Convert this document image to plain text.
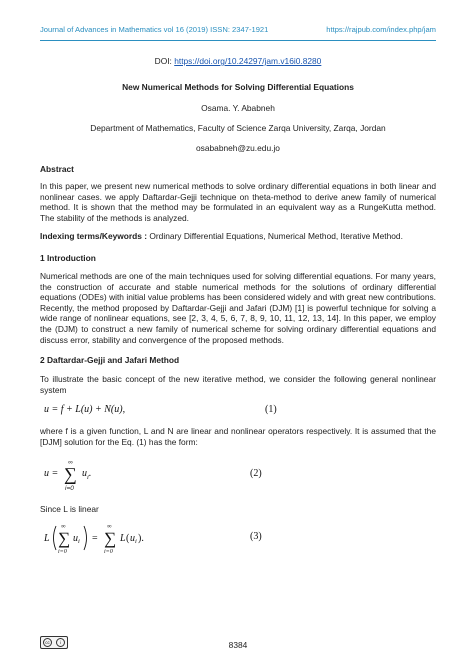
Journal of Advances in Mathematics vol 16 (2019) ISSN: 2347-1921	https://rajpub.com/index.php/jam
DOI: https://doi.org/10.24297/jam.v16i0.8280
New Numerical Methods for Solving Differential Equations
Osama. Y. Ababneh
Department of Mathematics, Faculty of Science Zarqa University, Zarqa, Jordan
osababneh@zu.edu.jo
Abstract
In this paper, we present new numerical methods to solve ordinary differential equations in both linear and nonlinear cases. we apply Daftardar-Gejji technique on theta-method to derive anew family of numerical method. It is shown that the method may be formulated in an equivalent way as a RungeKutta method. The stability of the methods is analyzed.
Indexing terms/Keywords : Ordinary Differential Equations, Numerical Method, Iterative Method.
1 Introduction
Numerical methods are one of the main techniques used for solving differential equations. For many years, the construction of accurate and stable numerical methods for the solutions of ordinary differential equations (ODEs) with initial value problems has been considered widely and with great new contributions. Recently, the method proposed by Daftardar-Gejji and Jafari (DJM) [1] is powerful technique for solving a wide range of nonlinear equations, see [2, 3, 4, 5, 6, 7, 8, 9, 10, 11, 12, 13, 14]. In this paper, we employ the (DJM) to construct a new family of numerical scheme for solving ordinary differential equations and discuss error, stability and convergence of the proposed methods.
2 Daftardar-Gejji and Jafari Method
To illustrate the basic concept of the new iterative method, we consider the following general nonlinear system
u = f + L(u) + N(u),	(1)
where f is a given function, L and N are linear and nonlinear operators respectively. It is assumed that the [DJM] solution for the Eq. (1) has the form:
u =
∞
∑
i=0
$u_i$.	(2)
Since L is linear
L
∞
∑
i=0
u i =
∞
∑
i=0
L ( u i ).	(3)
cc	i	8384
